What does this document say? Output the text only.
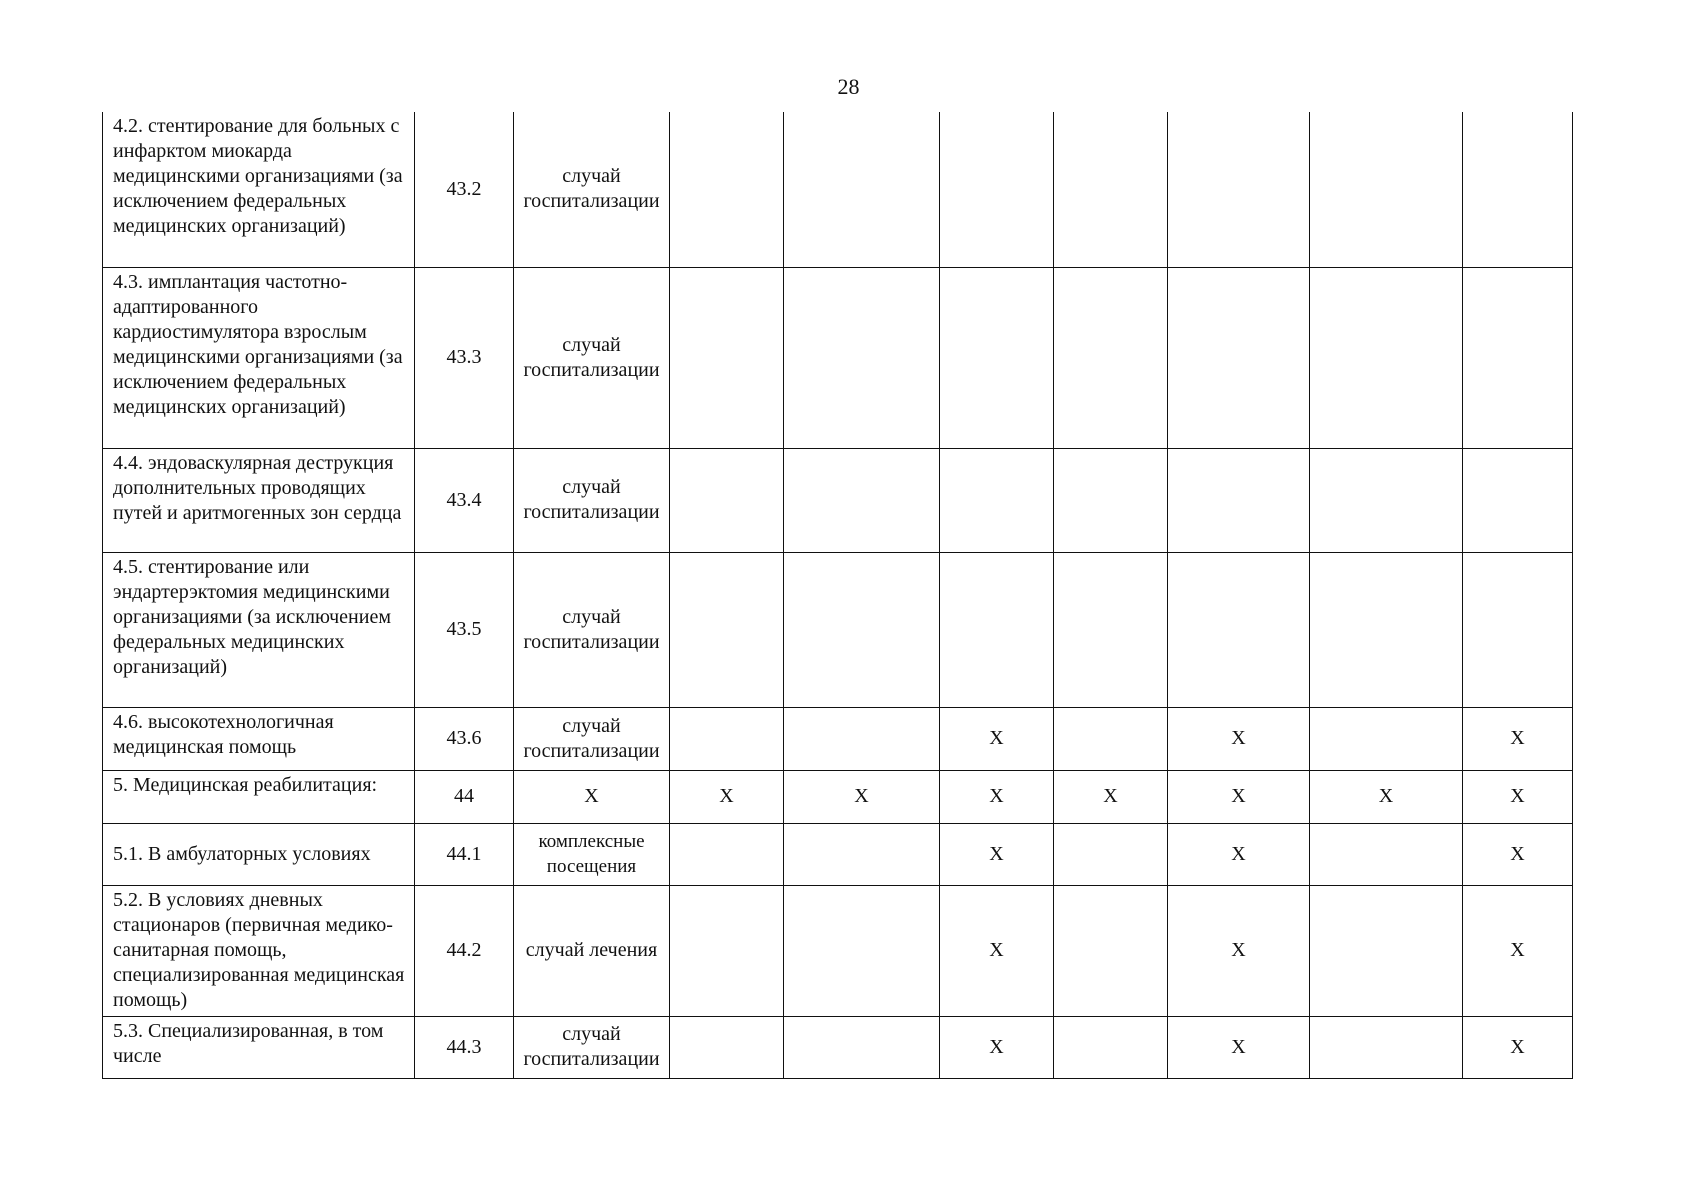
28
4.2. стентирование для больных с инфарктом миокарда медицинскими организациями (за исключением федеральных медицинских организаций)	43.2	случай госпитализации							
4.3. имплантация частотно-адаптированного кардиостимулятора взрослым медицинскими организациями (за исключением федеральных медицинских организаций)	43.3	случай госпитализации							
4.4. эндоваскулярная деструкция дополнительных проводящих путей и аритмогенных зон сердца	43.4	случай госпитализации							
4.5. стентирование или эндартерэктомия медицинскими организациями (за исключением федеральных медицинских организаций)	43.5	случай госпитализации							
4.6. высокотехнологичная медицинская помощь	43.6	случай госпитализации			Х		Х		Х
5. Медицинская реабилитация:	44	Х	Х	Х	Х	Х	Х	Х	Х
5.1. В амбулаторных условиях	44.1	комплексные посещения			Х		Х		Х
5.2. В условиях дневных стационаров (первичная медико-санитарная помощь, специализированная медицинская помощь)	44.2	случай лечения			Х		Х		Х
5.3. Специализированная, в том числе	44.3	случай госпитализации			Х		Х		Х
